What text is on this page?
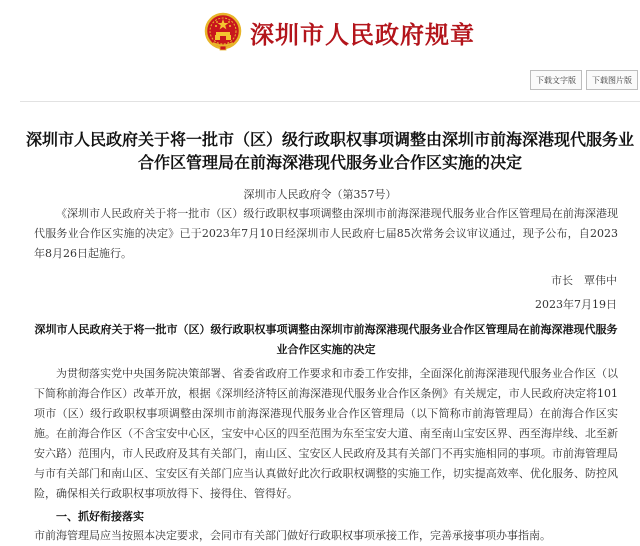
深圳市人民政府规章
下载文字版	下载图片版
深圳市人民政府关于将一批市（区）级行政职权事项调整由深圳市前海深港现代服务业合作区管理局在前海深港现代服务业合作区实施的决定
深圳市人民政府令（第357号）

《深圳市人民政府关于将一批市（区）级行政职权事项调整由深圳市前海深港现代服务业合作区管理局在前海深港现代服务业合作区实施的决定》已于2023年7月10日经深圳市人民政府七届85次常务会议审议通过，现予公布，自2023年8月26日起施行。

市长　覃伟中
2023年7月19日
深圳市人民政府关于将一批市（区）级行政职权事项调整由深圳市前海深港现代服务业合作区管理局在前海深港现代服务业合作区实施的决定

为贯彻落实党中央国务院决策部署、省委省政府工作要求和市委工作安排，全面深化前海深港现代服务业合作区（以下简称前海合作区）改革开放，根据《深圳经济特区前海深港现代服务业合作区条例》有关规定，市人民政府决定将101项市（区）级行政职权事项调整由深圳市前海深港现代服务业合作区管理局（以下简称市前海管理局）在前海合作区实施。在前海合作区（不含宝安中心区，宝安中心区的四至范围为东至宝安大道、南至南山宝安区界、西至海岸线、北至新安六路）范围内，市人民政府及其有关部门，南山区、宝安区人民政府及其有关部门不再实施相同的事项。市前海管理局与市有关部门和南山区、宝安区有关部门应当认真做好此次行政职权调整的实施工作，切实提高效率、优化服务、防控风险，确保相关行政职权事项放得下、接得住、管得好。

一、抓好衔接落实
市前海管理局应当按照本决定要求，会同市有关部门做好行政职权事项承接工作，完善承接事项办事指南。
